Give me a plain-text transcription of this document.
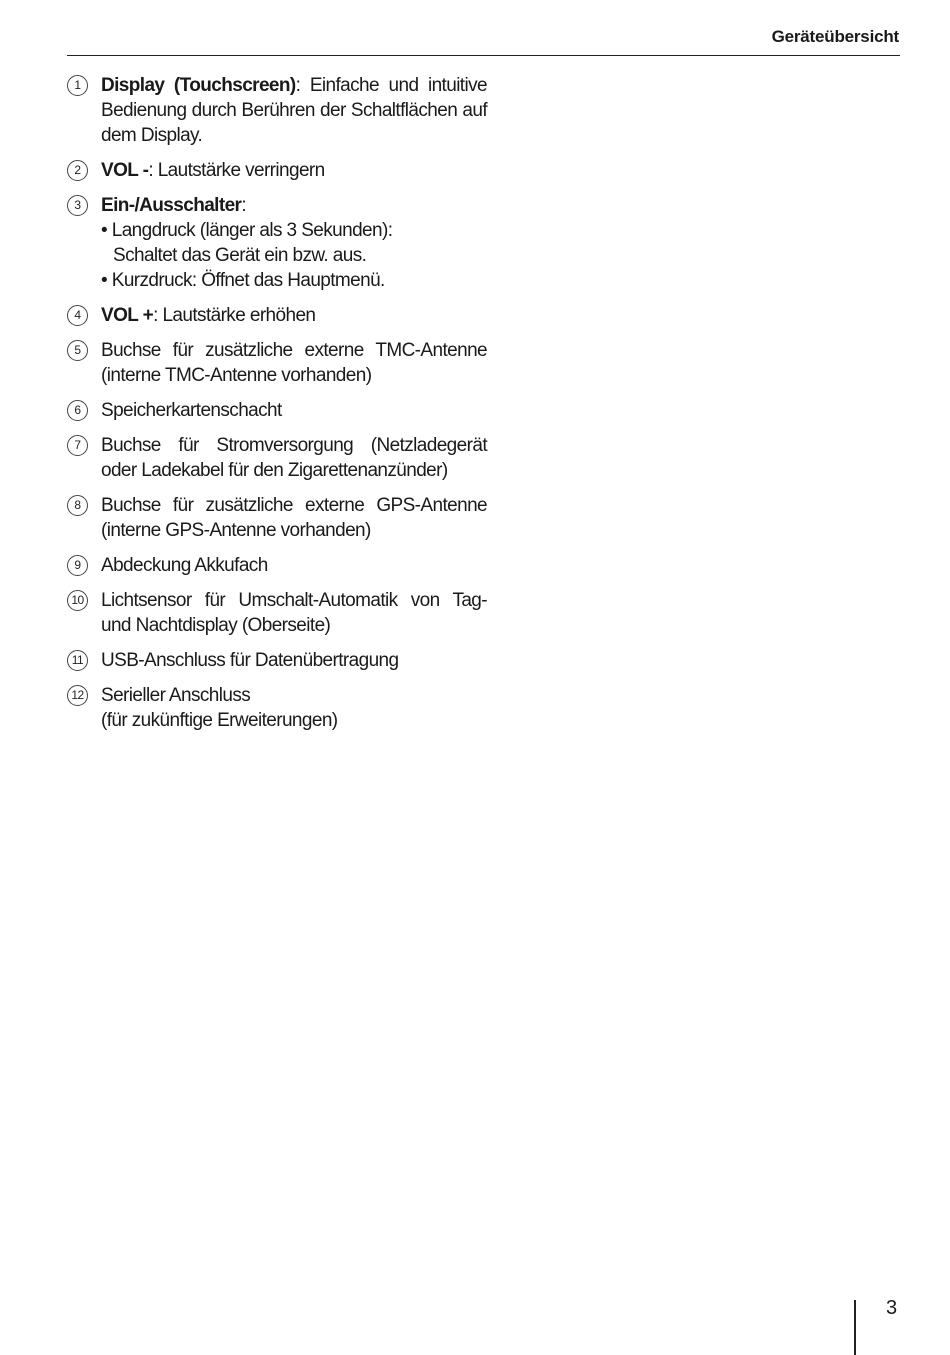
Geräteübersicht
1	Display (Touchscreen): Einfache und intuitive Bedienung durch Berühren der Schaltflächen auf dem Display.
2	VOL -: Lautstärke verringern
3	Ein-/Ausschalter:
• Langdruck (länger als 3 Sekunden):
Schaltet das Gerät ein bzw. aus.
• Kurzdruck: Öffnet das Hauptmenü.
4	VOL +: Lautstärke erhöhen
5	Buchse für zusätzliche externe TMC-Antenne (interne TMC-Antenne vorhanden)
6	Speicherkartenschacht
7	Buchse für Stromversorgung (Netzladegerät oder Ladekabel für den Zigarettenanzünder)
8	Buchse für zusätzliche externe GPS-Antenne (interne GPS-Antenne vorhanden)
9	Abdeckung Akkufach
10 Lichtsensor für Umschalt-Automatik von Tag- und Nachtdisplay (Oberseite)
11 USB-Anschluss für Datenübertragung
12 Serieller Anschluss
(für zukünftige Erweiterungen)
3
